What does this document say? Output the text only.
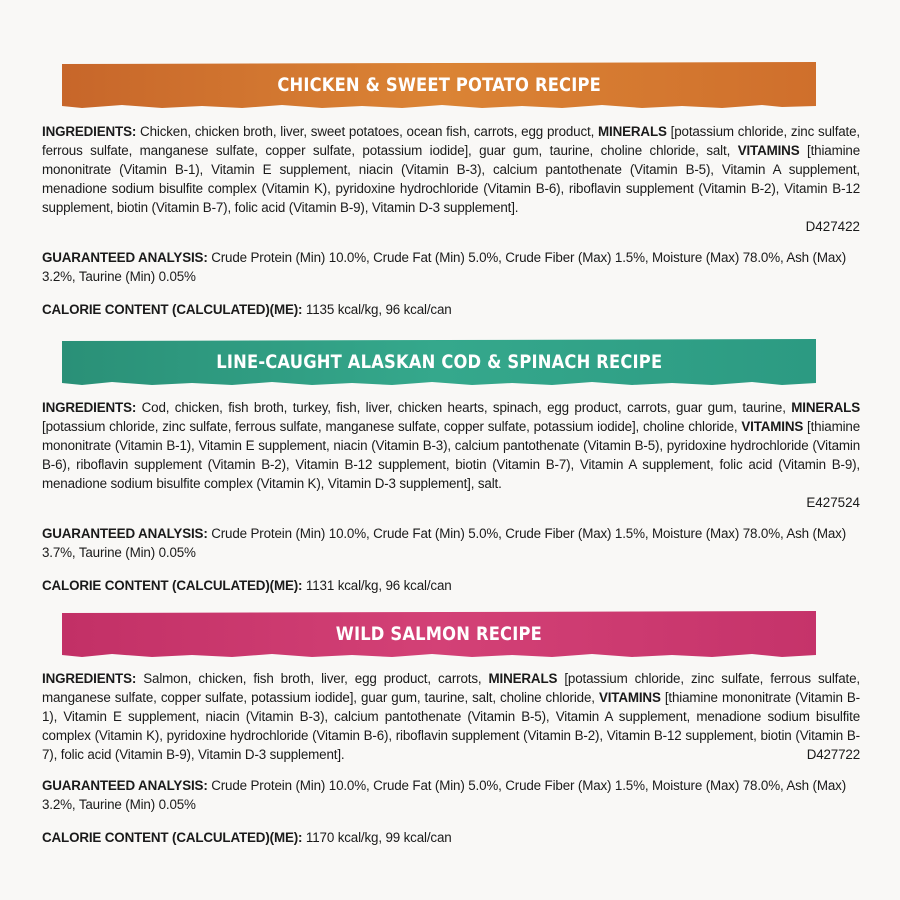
CHICKEN & SWEET POTATO RECIPE

INGREDIENTS: Chicken, chicken broth, liver, sweet potatoes, ocean fish, carrots, egg product, MINERALS [potassium chloride, zinc sulfate, ferrous sulfate, manganese sulfate, copper sulfate, potassium iodide], guar gum, taurine, choline chloride, salt, VITAMINS [thiamine mononitrate (Vitamin B-1), Vitamin E supplement, niacin (Vitamin B-3), calcium pantothenate (Vitamin B-5), Vitamin A supplement, menadione sodium bisulfite complex (Vitamin K), pyridoxine hydrochloride (Vitamin B-6), riboflavin supplement (Vitamin B-2), Vitamin B-12 supplement, biotin (Vitamin B-7), folic acid (Vitamin B-9), Vitamin D-3 supplement].

D427422

GUARANTEED ANALYSIS: Crude Protein (Min) 10.0%, Crude Fat (Min) 5.0%, Crude Fiber (Max) 1.5%, Moisture (Max) 78.0%, Ash (Max) 3.2%, Taurine (Min) 0.05%

CALORIE CONTENT (CALCULATED)(ME): 1135 kcal/kg, 96 kcal/can

LINE-CAUGHT ALASKAN COD & SPINACH RECIPE

INGREDIENTS: Cod, chicken, fish broth, turkey, fish, liver, chicken hearts, spinach, egg product, carrots, guar gum, taurine, MINERALS [potassium chloride, zinc sulfate, ferrous sulfate, manganese sulfate, copper sulfate, potassium iodide], choline chloride, VITAMINS [thiamine mononitrate (Vitamin B-1), Vitamin E supplement, niacin (Vitamin B-3), calcium pantothenate (Vitamin B-5), pyridoxine hydrochloride (Vitamin B-6), riboflavin supplement (Vitamin B-2), Vitamin B-12 supplement, biotin (Vitamin B-7), Vitamin A supplement, folic acid (Vitamin B-9), menadione sodium bisulfite complex (Vitamin K), Vitamin D-3 supplement], salt.

E427524

GUARANTEED ANALYSIS: Crude Protein (Min) 10.0%, Crude Fat (Min) 5.0%, Crude Fiber (Max) 1.5%, Moisture (Max) 78.0%, Ash (Max) 3.7%, Taurine (Min) 0.05%

CALORIE CONTENT (CALCULATED)(ME): 1131 kcal/kg, 96 kcal/can

WILD SALMON RECIPE

INGREDIENTS: Salmon, chicken, fish broth, liver, egg product, carrots, MINERALS [potassium chloride, zinc sulfate, ferrous sulfate, manganese sulfate, copper sulfate, potassium iodide], guar gum, taurine, salt, choline chloride, VITAMINS [thiamine mononitrate (Vitamin B-1), Vitamin E supplement, niacin (Vitamin B-3), calcium pantothenate (Vitamin B-5), Vitamin A supplement, menadione sodium bisulfite complex (Vitamin K), pyridoxine hydrochloride (Vitamin B-6), riboflavin supplement (Vitamin B-2), Vitamin B-12 supplement, biotin (Vitamin B-7), folic acid (Vitamin B-9), Vitamin D-3 supplement].	D427722

GUARANTEED ANALYSIS: Crude Protein (Min) 10.0%, Crude Fat (Min) 5.0%, Crude Fiber (Max) 1.5%, Moisture (Max) 78.0%, Ash (Max) 3.2%, Taurine (Min) 0.05%

CALORIE CONTENT (CALCULATED)(ME): 1170 kcal/kg, 99 kcal/can
